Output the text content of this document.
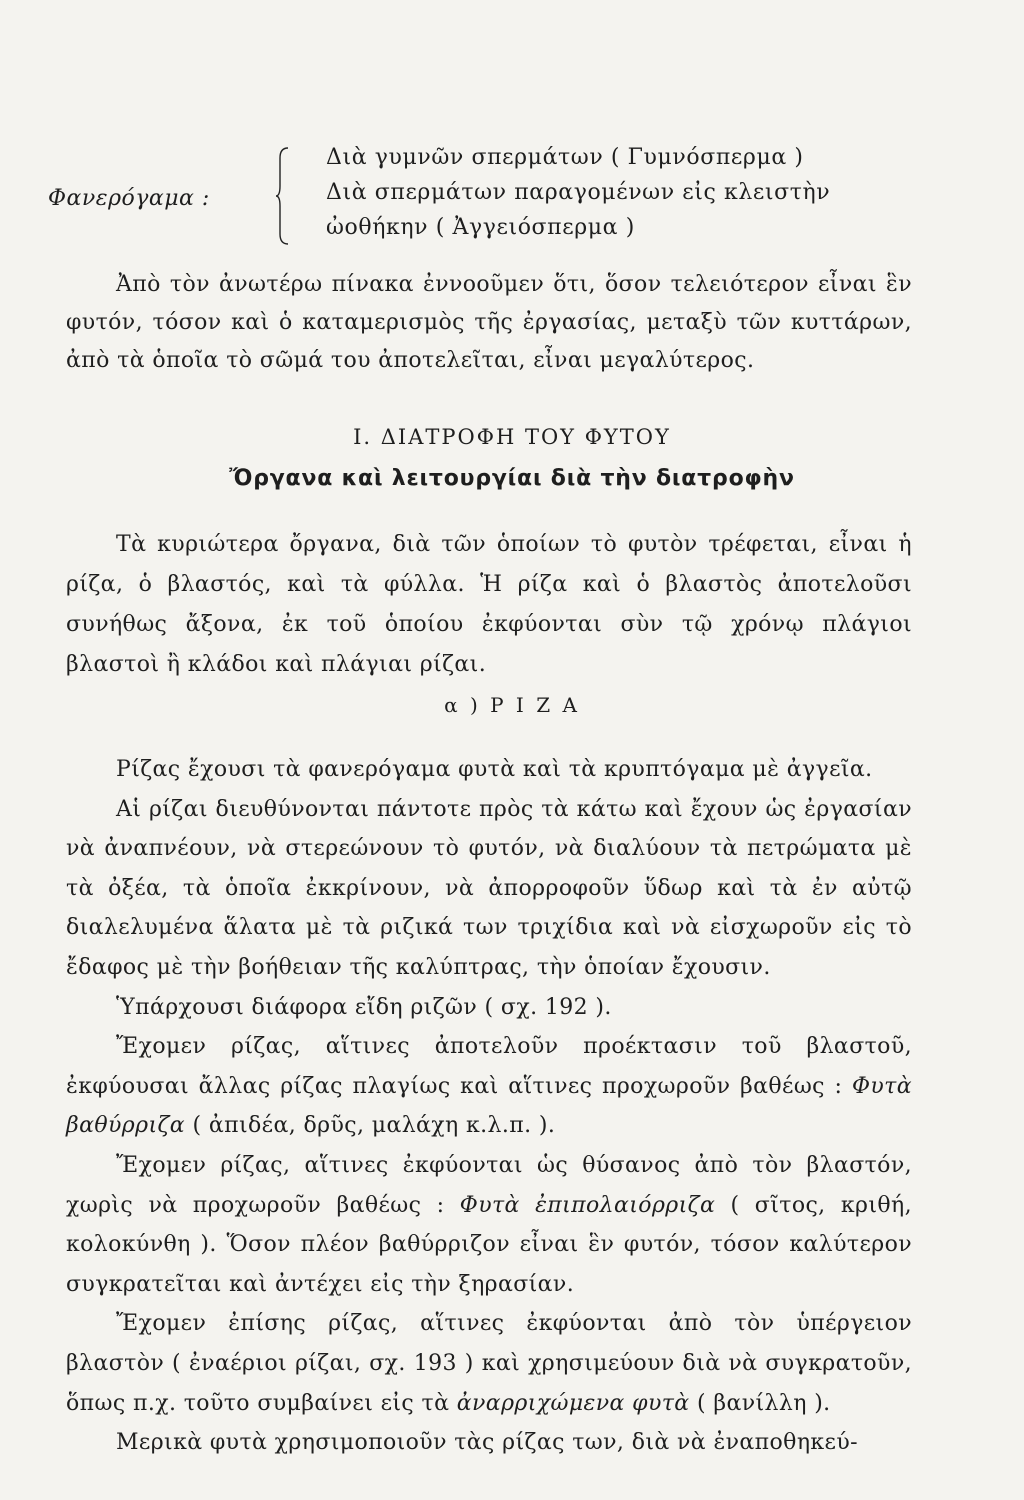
Φανερόγαμα :
Διὰ γυμνῶν σπερμάτων ( Γυμνόσπερμα )
Διὰ σπερμάτων παραγομένων εἰς κλειστὴν
ὠοθήκην ( Ἀγγειόσπερμα )
Ἀπὸ τὸν ἀνωτέρω πίνακα ἐννοοῦμεν ὅτι, ὅσον τελειότερον εἶναι ἓν φυτόν, τόσον καὶ ὁ καταμερισμὸς τῆς ἐργασίας, μεταξὺ τῶν κυττάρων, ἀπὸ τὰ ὁποῖα τὸ σῶμά του ἀποτελεῖται, εἶναι μεγαλύτερος.
Ι. ΔΙΑΤΡΟΦΗ ΤΟΥ ΦΥΤΟΥ
Ὄργανα καὶ λειτουργίαι διὰ τὴν διατροφὴν
Τὰ κυριώτερα ὄργανα, διὰ τῶν ὁποίων τὸ φυτὸν τρέφεται, εἶναι ἡ ρίζα, ὁ βλαστός, καὶ τὰ φύλλα. Ἡ ρίζα καὶ ὁ βλαστὸς ἀποτελοῦσι συνήθως ἄξονα, ἐκ τοῦ ὁποίου ἐκφύονται σὺν τῷ χρόνῳ πλάγιοι βλαστοὶ ἢ κλάδοι καὶ πλάγιαι ρίζαι.
α ) Ρ Ι Ζ Α

Ρίζας ἔχουσι τὰ φανερόγαμα φυτὰ καὶ τὰ κρυπτόγαμα μὲ ἀγγεῖα.

Αἱ ρίζαι διευθύνονται πάντοτε πρὸς τὰ κάτω καὶ ἔχουν ὡς ἐργασίαν νὰ ἀναπνέουν, νὰ στερεώνουν τὸ φυτόν, νὰ διαλύουν τὰ πετρώματα μὲ τὰ ὀξέα, τὰ ὁποῖα ἐκκρίνουν, νὰ ἀπορροφοῦν ὕδωρ καὶ τὰ ἐν αὐτῷ διαλελυμένα ἅλατα μὲ τὰ ριζικά των τριχίδια καὶ νὰ εἰσχωροῦν εἰς τὸ ἔδαφος μὲ τὴν βοήθειαν τῆς καλύπτρας, τὴν ὁποίαν ἔχουσιν.

Ὑπάρχουσι διάφορα εἴδη ριζῶν ( σχ. 192 ).

Ἔχομεν ρίζας, αἵτινες ἀποτελοῦν προέκτασιν τοῦ βλαστοῦ, ἐκφύουσαι ἄλλας ρίζας πλαγίως καὶ αἵτινες προχωροῦν βαθέως : Φυτὰ βαθύρριζα ( ἀπιδέα, δρῦς, μαλάχη κ.λ.π. ).

Ἔχομεν ρίζας, αἵτινες ἐκφύονται ὡς θύσανος ἀπὸ τὸν βλαστόν, χωρὶς νὰ προχωροῦν βαθέως : Φυτὰ ἐπιπολαιόρριζα ( σῖτος, κριθή, κολοκύνθη ). Ὅσον πλέον βαθύρριζον εἶναι ἓν φυτόν, τόσον καλύτερον συγκρατεῖται καὶ ἀντέχει εἰς τὴν ξηρασίαν.

Ἔχομεν ἐπίσης ρίζας, αἵτινες ἐκφύονται ἀπὸ τὸν ὑπέργειον βλαστὸν ( ἐναέριοι ρίζαι, σχ. 193 ) καὶ χρησιμεύουν διὰ νὰ συγκρατοῦν, ὅπως π.χ. τοῦτο συμβαίνει εἰς τὰ ἀναρριχώμενα φυτὰ ( βανίλλη ).

Μερικὰ φυτὰ χρησιμοποιοῦν τὰς ρίζας των, διὰ νὰ ἐναποθηκεύ-
